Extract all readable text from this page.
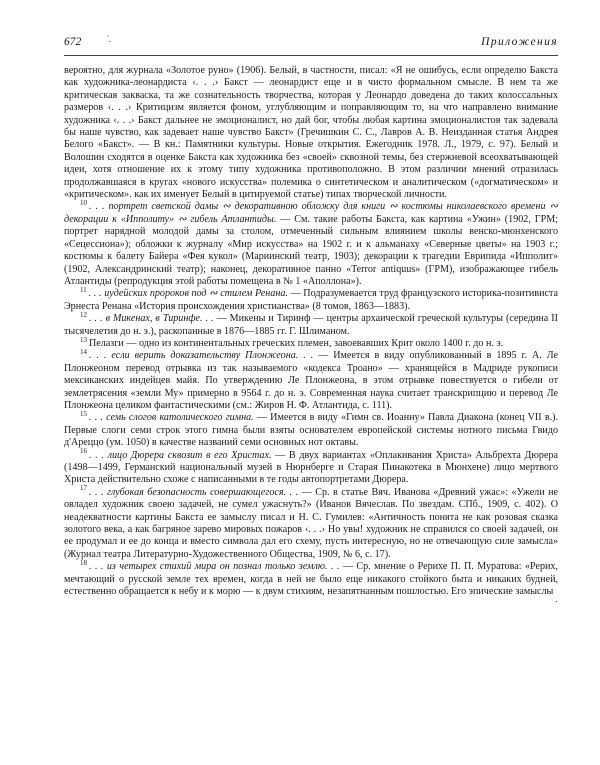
672	˙.	Приложения

вероятно, для журнала «Золотое руно» (1906). Белый, в частности, писал: «Я не ошибусь, если определю Бакста как художника-леонардиста ‹. . .› Бакст — леонардист еще и в чисто формальном смысле. В нем та же критическая закваска, та же сознательность творчества, которая у Леонардо доведена до таких колоссальных размеров ‹. . .› Критицизм является фоном, углубляющим и поправляющим то, на что направлено внимание художника ‹. . .› Бакст дальнее не эмоционалист, но дай бог, чтобы любая картина эмоционалистов так задевала бы наше чувство, как задевает наше чувство Бакст» (Гречишкин С. С., Лавров А. В. Неизданная статья Андрея Белого «Бакст». — В кн.: Памятники культуры. Новые открытия. Ежегодник 1978. Л., 1979, с. 97). Белый и Волошин сходятся в оценке Бакста как художника без «своей» сквозной темы, без стержневой всеохватывающей идеи, хотя отношение их к этому типу художника противоположно. В этом различии мнений отразилась продолжавшаяся в кругах «нового искусства» полемика о синтетическом и аналитическом («догматическом» и «критическом». как их именует Белый в цитируемой статье) типах творческой личности.

$^{10}$ . . . портрет светской дамы ∾ декоративною обложку для книги ∾ костюмы николаевского времени ∾ декорации к «Ипполиту» ∾ гибель Атлантиды. — См. такие работы Бакста, как картина «Ужин» (1902, ГРМ; портрет нарядной молодой дамы за столом, отмеченный сильным влиянием школы венско-мюнхенского «Сецессиона»); обложки к журналу «Мир искусства» на 1902 г. и к альманаху «Северные цветы» на 1903 г.; костюмы к балету Байера «Фея кукол» (Мариинский театр, 1903); декорации к трагедии Еврипида «Ипполит» (1902, Александринский театр); наконец, декоративное панно «Terror antiquus» (ГРМ), изображающее гибель Атлантиды (репродукция этой работы помещена в № 1 «Аполлона»).

$^{11}$ . . . иудейских пророков под ∾ стилем Ренана. — Подразумевается труд французского историка-позитивиста Эрнеста Ренана «История происхождения христианства» (8 томов, 1863—1883).

$^{12}$ . . . в Микенах, в Тиринфе. . . — Микены и Тиринф — центры архаической греческой культуры (середина II тысячелетия до н. э.), раскопанные в 1876—1885 гг. Г. Шлиманом.

$^{13}$ Пелазги — одно из континентальных греческих племен, завоевавших Крит около 1400 г. до н. э.

$^{14}$ . . . если верить доказательству Плонжеона. . . — Имеется в виду опубликованный в 1895 г. А. Ле Плонжеоном перевод отрывка из так называемого «кодекса Троано» — хранящейся в Мадриде рукописи мексиканских индейцев майя. По утверждению Ле Плонжеона, в этом отрывке повествуется о гибели от землетрясения «земли Му» примерно в 9564 г. до н. э. Современная наука считает транскрипцию и перевод Ле Плонжеона целиком фантастическими (см.: Жиров Н. Ф. Атлантида, с. 111).

$^{15}$ . . . семь слогов католического гимна. — Имеется в виду «Гимн св. Иоанну» Павла Диакона (конец VII в.). Первые слоги семи строк этого гимна были взяты основателем европейской системы нотного письма Гвидо д'Ареццо (ум. 1050) в качестве названий семи основных нот октавы.

$^{16}$ . . . лицо Дюрера сквозит в его Христах. — В двух вариантах «Оплакивания Христа» Альбрехта Дюрера (1498—1499, Германский национальный музей в Нюрнберге и Старая Пинакотека в Мюнхене) лицо мертвого Христа действительно схоже с написанными в те годы автопортретами Дюрера.

$^{17}$ . . . глубокая безопасность совершающегося. . . — Ср. в статье Вяч. Иванова «Древний ужас»: «Ужели не овладел художник своею задачей, не сумел ужаснуть?» (Иванов Вячеслав. По звездам. СПб., 1909, с. 402). О неадекватности картины Бакста ее замыслу писал и Н. С. Гумилев: «Античность понята не как розовая сказка золотого века, а как багряное зарево мировых пожаров ‹. . .› Но увы! художник не справился со своей задачей, он ее продумал и ее до конца и вместо символа дал его схему, пусть интересную, но не отвечающую силе замысла» (Журнал театра Литературно-Художественного Общества, 1909, № 6, с. 17).

$^{18}$ . . . из четырех стихий мира он познал только землю. . . — Ср. мнение о Рерихе П. П. Муратова: «Рерих, мечтающий о русской земле тех времен, когда в ней не было еще никакого стойкого быта и никаких будней, естественно обращается к небу и к морю — к двум стихиям, незапятнанным пошлостью. Его эпические замыслы

˙
